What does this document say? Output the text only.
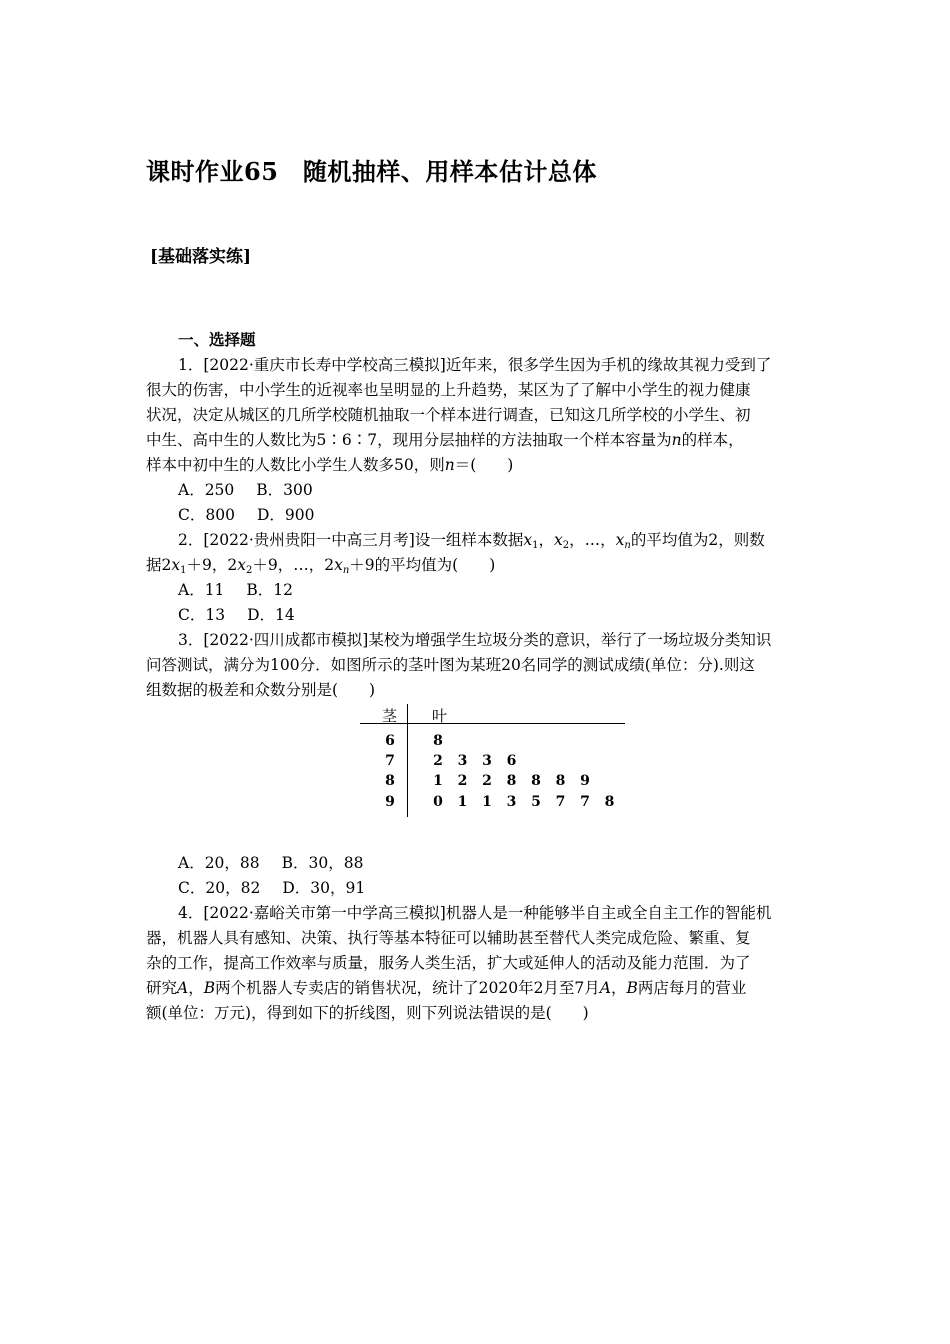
课时作业65　随机抽样、用样本估计总体
[基础落实练]
一、选择题
1．[2022·重庆市长寿中学校高三模拟]近年来，很多学生因为手机的缘故其视力受到了
很大的伤害，中小学生的近视率也呈明显的上升趋势，某区为了了解中小学生的视力健康
状况，决定从城区的几所学校随机抽取一个样本进行调查，已知这几所学校的小学生、初
中生、高中生的人数比为5∶6∶7，现用分层抽样的方法抽取一个样本容量为n的样本，
样本中初中生的人数比小学生人数多50，则n＝(　　)
A．250 B．300
C．800 D．900
2．[2022·贵州贵阳一中高三月考]设一组样本数据$x_1$，$x_2$，…，$x_n$的平均值为2，则数
据$2x_1+9$，$2x_2+9$，…，$2x_n+9$的平均值为(　　)
A．11 B．12
C．13 D．14
3．[2022·四川成都市模拟]某校为增强学生垃圾分类的意识，举行了一场垃圾分类知识
问答测试，满分为100分．如图所示的茎叶图为某班20名同学的测试成绩(单位：分).则这
组数据的极差和众数分别是(　　)
茎 叶
6	8
7	2 3 3 6
8	1 2 2 8 8 8 9
9	0 1 1 3 5 7 7 8
A．20，88 B．30，88
C．20，82 D．30，91
4．[2022·嘉峪关市第一中学高三模拟]机器人是一种能够半自主或全自主工作的智能机
器，机器人具有感知、决策、执行等基本特征可以辅助甚至替代人类完成危险、繁重、复
杂的工作，提高工作效率与质量，服务人类生活，扩大或延伸人的活动及能力范围．为了
研究A，B两个机器人专卖店的销售状况，统计了2020年2月至7月A，B两店每月的营业
额(单位：万元)，得到如下的折线图，则下列说法错误的是(　　)
